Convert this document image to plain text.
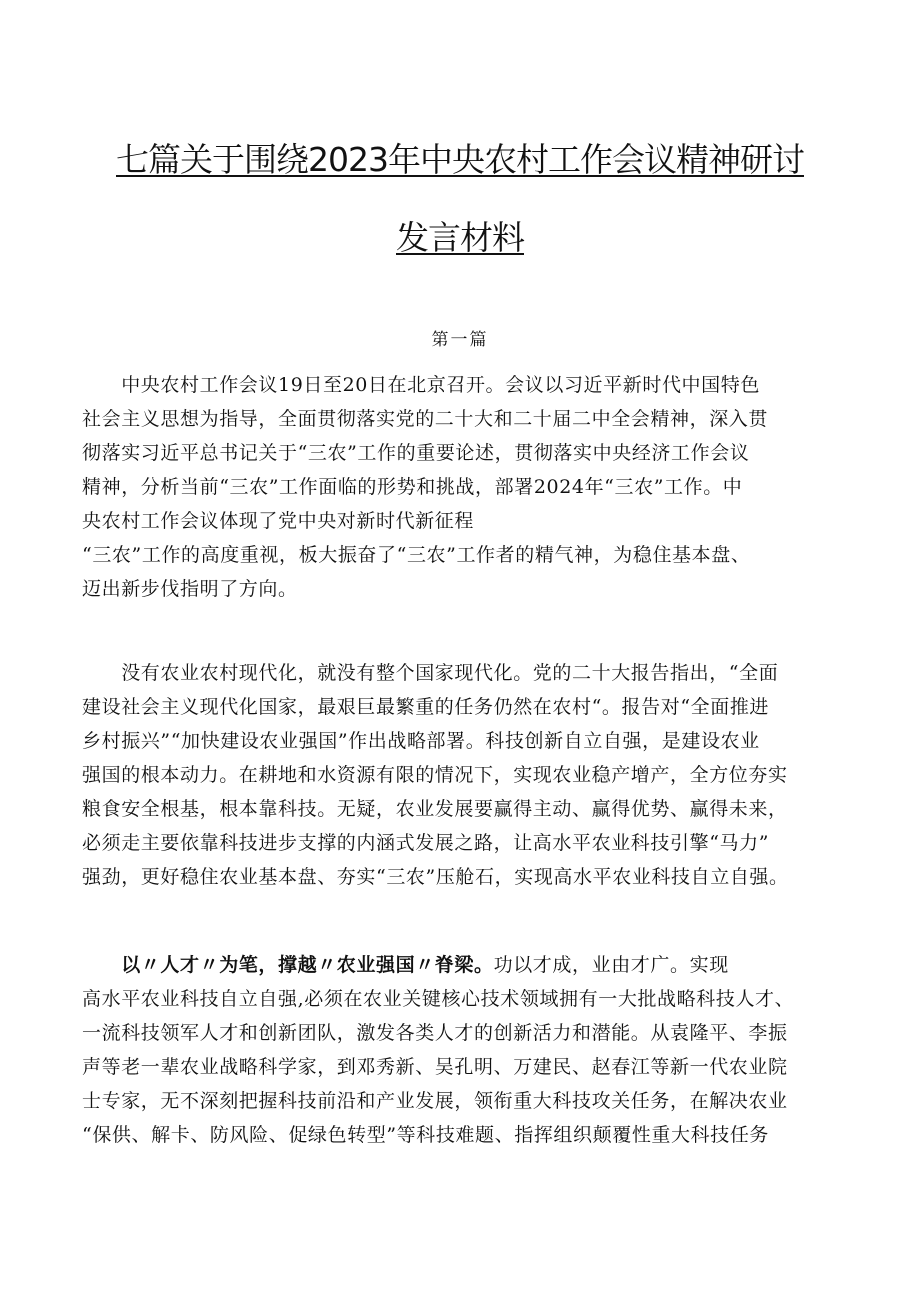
七篇关于围绕2023年中央农村工作会议精神研讨
发言材料
第一篇
　　中央农村工作会议19日至20日在北京召开。会议以习近平新时代中国特色
社会主义思想为指导，全面贯彻落实党的二十大和二十届二中全会精神，深入贯
彻落实习近平总书记关于“三农”工作的重要论述，贯彻落实中央经济工作会议
精神，分析当前“三农”工作面临的形势和挑战，部署2024年“三农”工作。中
央农村工作会议体现了党中央对新时代新征程
“三农”工作的高度重视，板大振奋了“三农”工作者的精气神，为稳住基本盘、
迈出新步伐指明了方向。
　　没有农业农村现代化，就没有整个国家现代化。党的二十大报告指出，“全面
建设社会主义现代化国家，最艰巨最繁重的任务仍然在农村“。报告对“全面推进
乡村振兴”“加快建设农业强国”作出战略部署。科技创新自立自强，是建设农业
强国的根本动力。在耕地和水资源有限的情况下，实现农业稳产增产，全方位夯实
粮食安全根基，根本靠科技。无疑，农业发展要赢得主动、赢得优势、赢得未来，
必须走主要依靠科技进步支撑的内涵式发展之路，让高水平农业科技引擎“马力”
强劲，更好稳住农业基本盘、夯实“三农”压舱石，实现高水平农业科技自立自强。
　　以〃人才〃为笔，撑越〃农业强国〃脊梁。功以才成，业由才广。实现
高水平农业科技自立自强,必须在农业关键核心技术领域拥有一大批战略科技人才、
一流科技领军人才和创新团队，激发各类人才的创新活力和潜能。从袁隆平、李振
声等老一辈农业战略科学家，到邓秀新、吴孔明、万建民、赵春江等新一代农业院
士专家，无不深刻把握科技前沿和产业发展，领衔重大科技攻关任务，在解决农业
“保供、解卡、防风险、促绿色转型”等科技难题、指挥组织颠覆性重大科技任务
